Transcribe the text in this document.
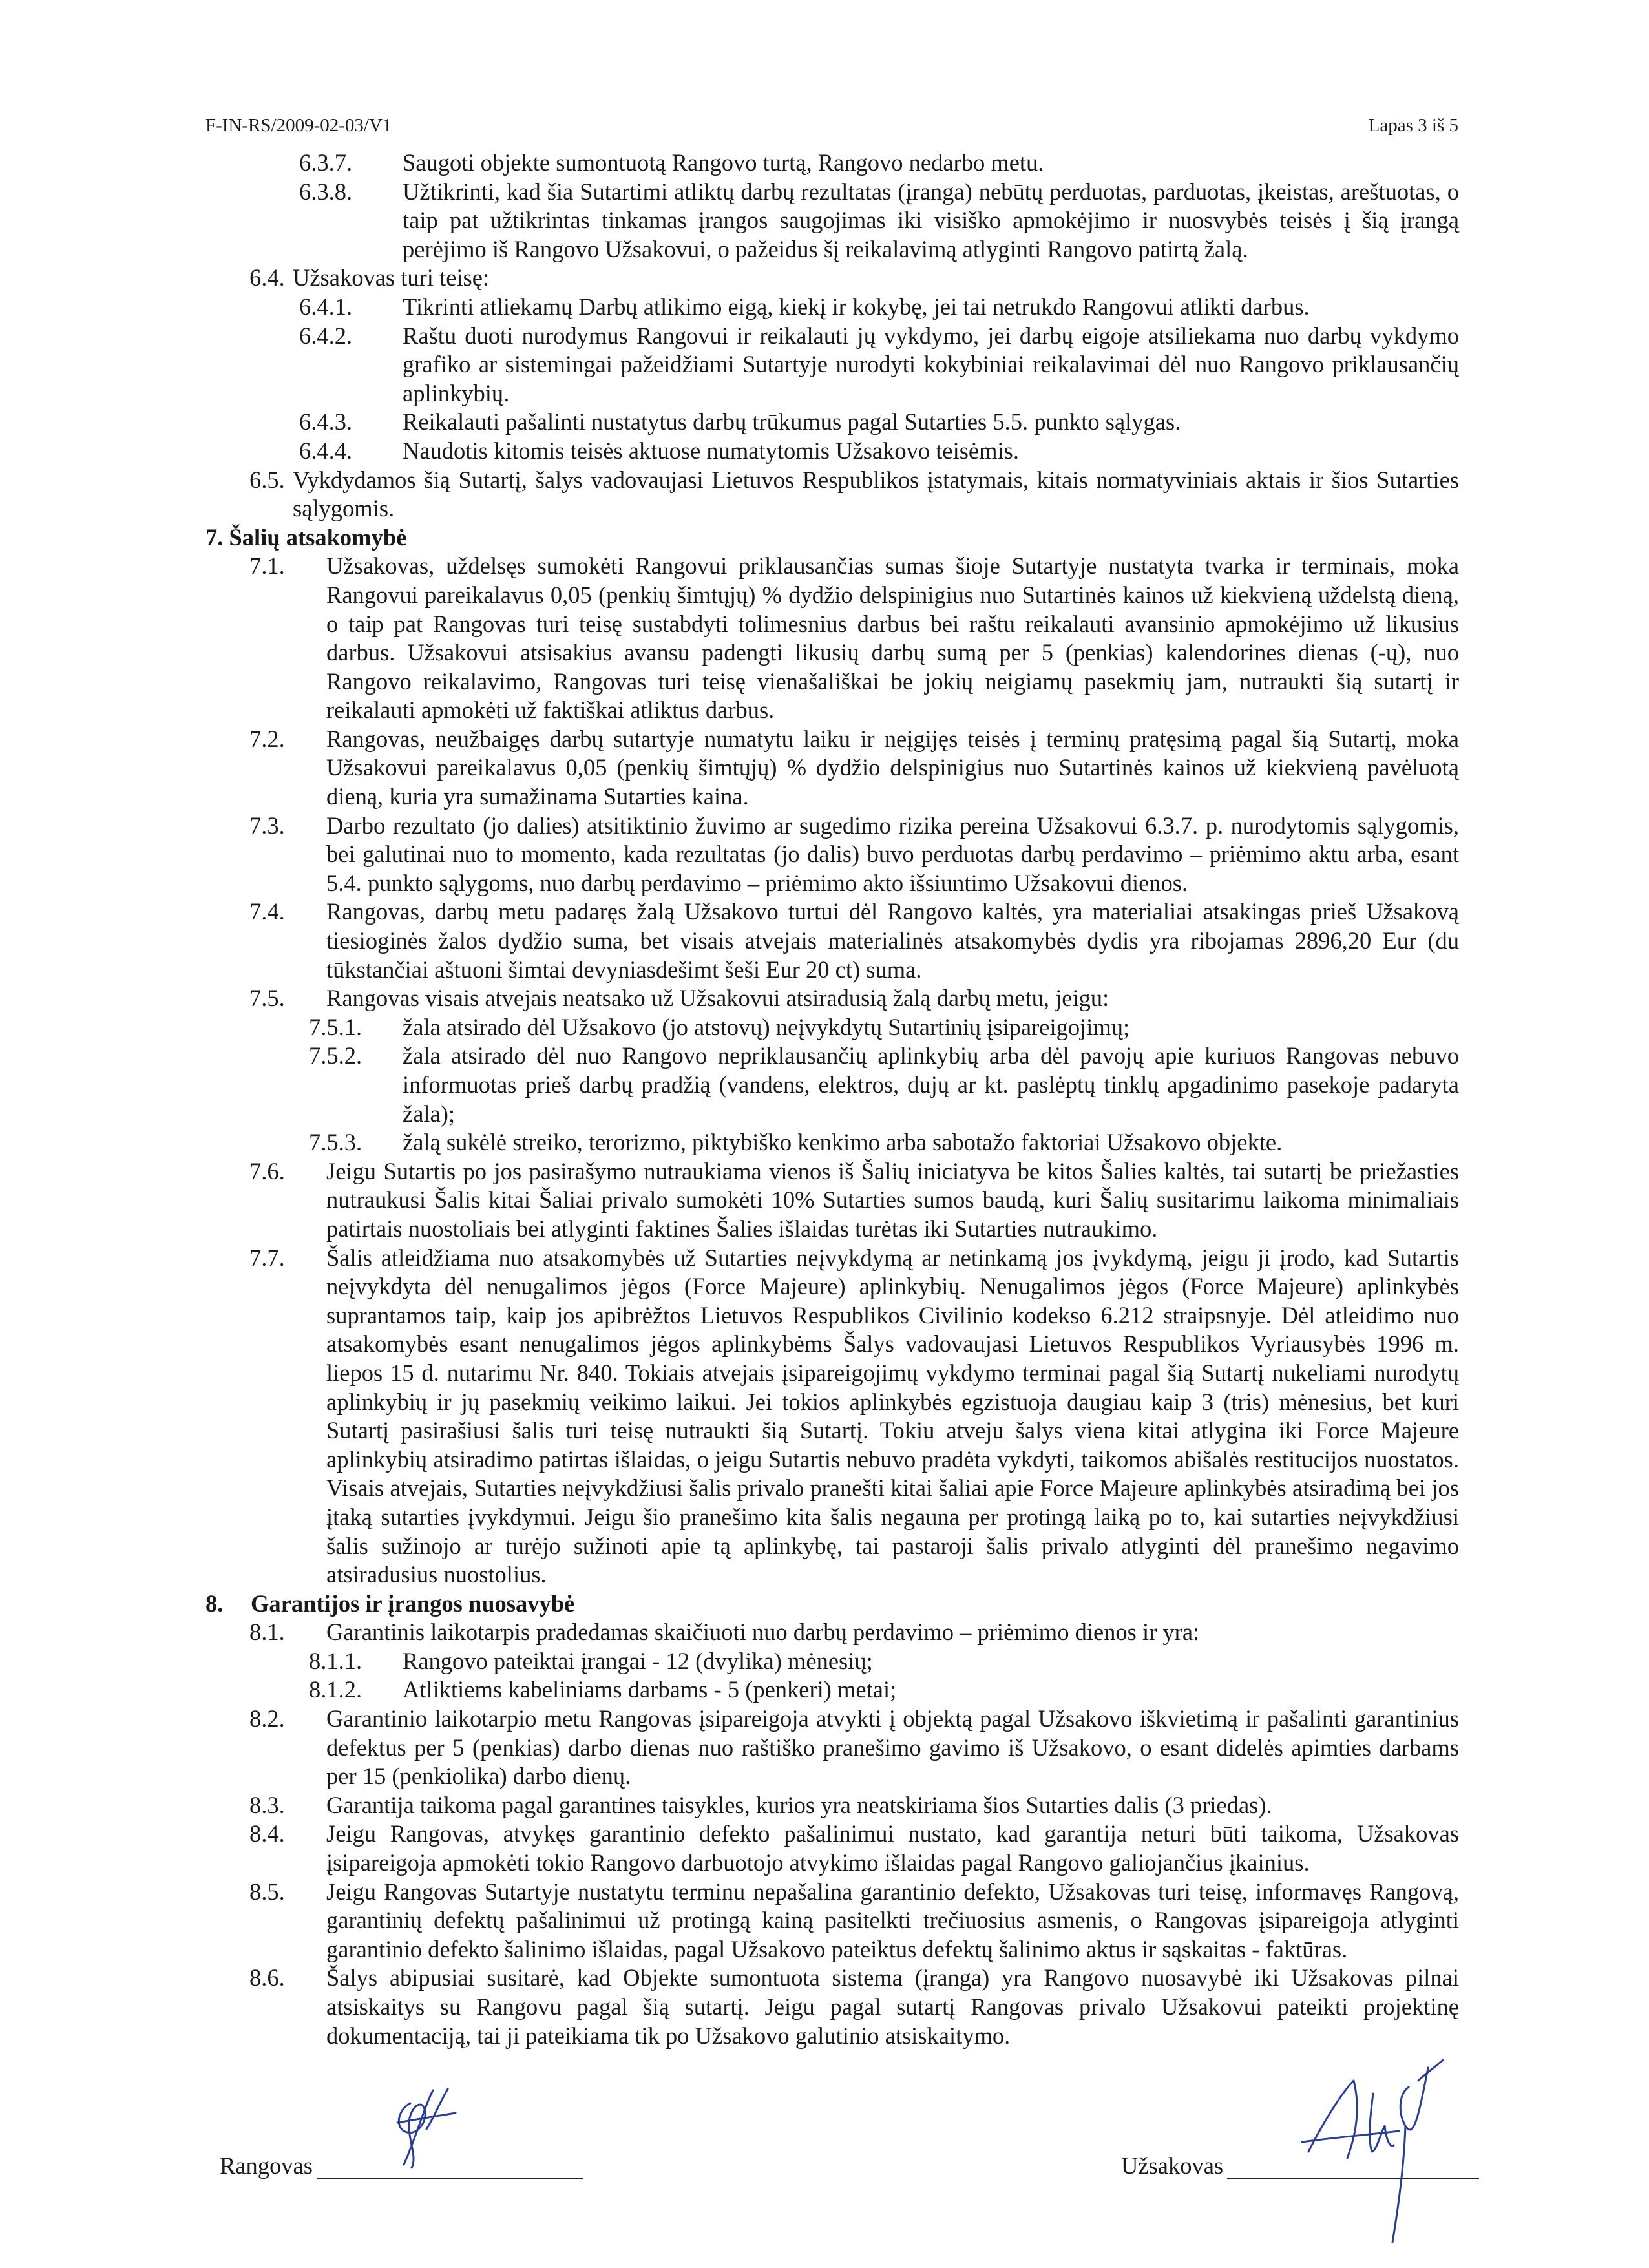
F-IN-RS/2009-02-03/V1	Lapas 3 iš 5

6.3.7. Saugoti objekte sumontuotą Rangovo turtą, Rangovo nedarbo metu.

6.3.8. Užtikrinti, kad šia Sutartimi atliktų darbų rezultatas (įranga) nebūtų perduotas, parduotas, įkeistas, areštuotas, o taip pat užtikrintas tinkamas įrangos saugojimas iki visiško apmokėjimo ir nuosvybės teisės į šią įrangą perėjimo iš Rangovo Užsakovui, o pažeidus šį reikalavimą atlyginti Rangovo patirtą žalą.

6.4. Užsakovas turi teisę:

6.4.1. Tikrinti atliekamų Darbų atlikimo eigą, kiekį ir kokybę, jei tai netrukdo Rangovui atlikti darbus.

6.4.2. Raštu duoti nurodymus Rangovui ir reikalauti jų vykdymo, jei darbų eigoje atsiliekama nuo darbų vykdymo grafiko ar sistemingai pažeidžiami Sutartyje nurodyti kokybiniai reikalavimai dėl nuo Rangovo priklausančių aplinkybių.

6.4.3. Reikalauti pašalinti nustatytus darbų trūkumus pagal Sutarties 5.5. punkto sąlygas.

6.4.4. Naudotis kitomis teisės aktuose numatytomis Užsakovo teisėmis.

6.5. Vykdydamos šią Sutartį, šalys vadovaujasi Lietuvos Respublikos įstatymais, kitais normatyviniais aktais ir šios Sutarties sąlygomis.

7. Šalių atsakomybė

7.1. Užsakovas, uždelsęs sumokėti Rangovui priklausančias sumas šioje Sutartyje nustatyta tvarka ir terminais, moka Rangovui pareikalavus 0,05 (penkių šimtųjų) % dydžio delspinigius nuo Sutartinės kainos už kiekvieną uždelstą dieną, o taip pat Rangovas turi teisę sustabdyti tolimesnius darbus bei raštu reikalauti avansinio apmokėjimo už likusius darbus. Užsakovui atsisakius avansu padengti likusių darbų sumą per 5 (penkias) kalendorines dienas (-ų), nuo Rangovo reikalavimo, Rangovas turi teisę vienašališkai be jokių neigiamų pasekmių jam, nutraukti šią sutartį ir reikalauti apmokėti už faktiškai atliktus darbus.

7.2. Rangovas, neužbaigęs darbų sutartyje numatytu laiku ir neįgijęs teisės į terminų pratęsimą pagal šią Sutartį, moka Užsakovui pareikalavus 0,05 (penkių šimtųjų) % dydžio delspinigius nuo Sutartinės kainos už kiekvieną pavėluotą dieną, kuria yra sumažinama Sutarties kaina.

7.3. Darbo rezultato (jo dalies) atsitiktinio žuvimo ar sugedimo rizika pereina Užsakovui 6.3.7. p. nurodytomis sąlygomis, bei galutinai nuo to momento, kada rezultatas (jo dalis) buvo perduotas darbų perdavimo – priėmimo aktu arba, esant 5.4. punkto sąlygoms, nuo darbų perdavimo – priėmimo akto išsiuntimo Užsakovui dienos.

7.4. Rangovas, darbų metu padaręs žalą Užsakovo turtui dėl Rangovo kaltės, yra materialiai atsakingas prieš Užsakovą tiesioginės žalos dydžio suma, bet visais atvejais materialinės atsakomybės dydis yra ribojamas 2896,20 Eur (du tūkstančiai aštuoni šimtai devyniasdešimt šeši Eur 20 ct) suma.

7.5. Rangovas visais atvejais neatsako už Užsakovui atsiradusią žalą darbų metu, jeigu:

7.5.1. žala atsirado dėl Užsakovo (jo atstovų) neįvykdytų Sutartinių įsipareigojimų;

7.5.2. žala atsirado dėl nuo Rangovo nepriklausančių aplinkybių arba dėl pavojų apie kuriuos Rangovas nebuvo informuotas prieš darbų pradžią (vandens, elektros, dujų ar kt. paslėptų tinklų apgadinimo pasekoje padaryta žala);

7.5.3. žalą sukėlė streiko, terorizmo, piktybiško kenkimo arba sabotažo faktoriai Užsakovo objekte.

7.6. Jeigu Sutartis po jos pasirašymo nutraukiama vienos iš Šalių iniciatyva be kitos Šalies kaltės, tai sutartį be priežasties nutraukusi Šalis kitai Šaliai privalo sumokėti 10% Sutarties sumos baudą, kuri Šalių susitarimu laikoma minimaliais patirtais nuostoliais bei atlyginti faktines Šalies išlaidas turėtas iki Sutarties nutraukimo.

7.7. Šalis atleidžiama nuo atsakomybės už Sutarties neįvykdymą ar netinkamą jos įvykdymą, jeigu ji įrodo, kad Sutartis neįvykdyta dėl nenugalimos jėgos (Force Majeure) aplinkybių. Nenugalimos jėgos (Force Majeure) aplinkybės suprantamos taip, kaip jos apibrėžtos Lietuvos Respublikos Civilinio kodekso 6.212 straipsnyje. Dėl atleidimo nuo atsakomybės esant nenugalimos jėgos aplinkybėms Šalys vadovaujasi Lietuvos Respublikos Vyriausybės 1996 m. liepos 15 d. nutarimu Nr. 840. Tokiais atvejais įsipareigojimų vykdymo terminai pagal šią Sutartį nukeliami nurodytų aplinkybių ir jų pasekmių veikimo laikui. Jei tokios aplinkybės egzistuoja daugiau kaip 3 (tris) mėnesius, bet kuri Sutartį pasirašiusi šalis turi teisę nutraukti šią Sutartį. Tokiu atveju šalys viena kitai atlygina iki Force Majeure aplinkybių atsiradimo patirtas išlaidas, o jeigu Sutartis nebuvo pradėta vykdyti, taikomos abišalės restitucijos nuostatos. Visais atvejais, Sutarties neįvykdžiusi šalis privalo pranešti kitai šaliai apie Force Majeure aplinkybės atsiradimą bei jos įtaką sutarties įvykdymui. Jeigu šio pranešimo kita šalis negauna per protingą laiką po to, kai sutarties neįvykdžiusi šalis sužinojo ar turėjo sužinoti apie tą aplinkybę, tai pastaroji šalis privalo atlyginti dėl pranešimo negavimo atsiradusius nuostolius.

8. Garantijos ir įrangos nuosavybė

8.1. Garantinis laikotarpis pradedamas skaičiuoti nuo darbų perdavimo – priėmimo dienos ir yra:

8.1.1. Rangovo pateiktai įrangai - 12 (dvylika) mėnesių;

8.1.2. Atliktiems kabeliniams darbams - 5 (penkeri) metai;

8.2. Garantinio laikotarpio metu Rangovas įsipareigoja atvykti į objektą pagal Užsakovo iškvietimą ir pašalinti garantinius defektus per 5 (penkias) darbo dienas nuo raštiško pranešimo gavimo iš Užsakovo, o esant didelės apimties darbams per 15 (penkiolika) darbo dienų.

8.3. Garantija taikoma pagal garantines taisykles, kurios yra neatskiriama šios Sutarties dalis (3 priedas).

8.4. Jeigu Rangovas, atvykęs garantinio defekto pašalinimui nustato, kad garantija neturi būti taikoma, Užsakovas įsipareigoja apmokėti tokio Rangovo darbuotojo atvykimo išlaidas pagal Rangovo galiojančius įkainius.

8.5. Jeigu Rangovas Sutartyje nustatytu terminu nepašalina garantinio defekto, Užsakovas turi teisę, informavęs Rangovą, garantinių defektų pašalinimui už protingą kainą pasitelkti trečiuosius asmenis, o Rangovas įsipareigoja atlyginti garantinio defekto šalinimo išlaidas, pagal Užsakovo pateiktus defektų šalinimo aktus ir sąskaitas - faktūras.

8.6. Šalys abipusiai susitarė, kad Objekte sumontuota sistema (įranga) yra Rangovo nuosavybė iki Užsakovas pilnai atsiskaitys su Rangovu pagal šią sutartį. Jeigu pagal sutartį Rangovas privalo Užsakovui pateikti projektinę dokumentaciją, tai ji pateikiama tik po Užsakovo galutinio atsiskaitymo.

Rangovas	Užsakovas
